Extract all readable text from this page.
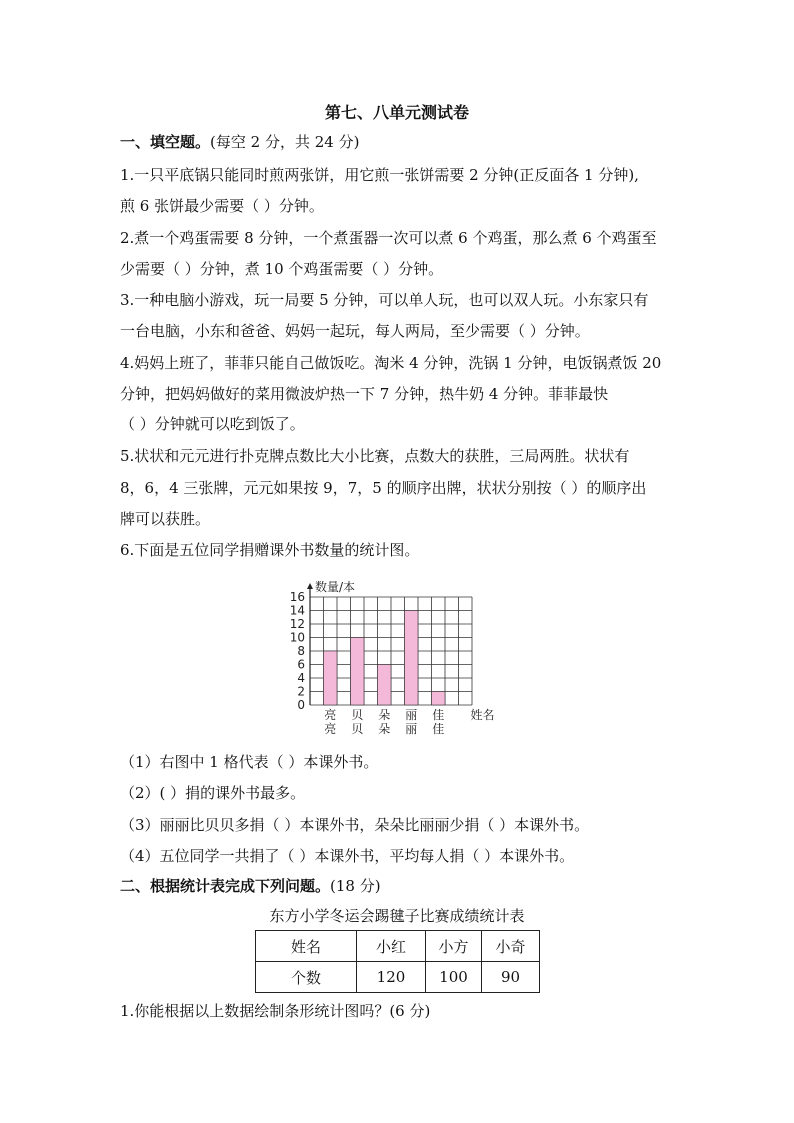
第七、八单元测试卷
一、填空题。(每空 2 分，共 24 分)
1.一只平底锅只能同时煎两张饼，用它煎一张饼需要 2 分钟(正反面各 1 分钟),
煎 6 张饼最少需要（ ）分钟。
2.煮一个鸡蛋需要 8 分钟，一个煮蛋器一次可以煮 6 个鸡蛋，那么煮 6 个鸡蛋至
少需要（ ）分钟，煮 10 个鸡蛋需要（ ）分钟。
3.一种电脑小游戏，玩一局要 5 分钟，可以单人玩，也可以双人玩。小东家只有
一台电脑，小东和爸爸、妈妈一起玩，每人两局，至少需要（ ）分钟。
4.妈妈上班了，菲菲只能自己做饭吃。淘米 4 分钟，洗锅 1 分钟，电饭锅煮饭 20
分钟，把妈妈做好的菜用微波炉热一下 7 分钟，热牛奶 4 分钟。菲菲最快
（ ）分钟就可以吃到饭了。
5.状状和元元进行扑克牌点数比大小比赛，点数大的获胜，三局两胜。状状有
8，6，4 三张牌，元元如果按 9，7，5 的顺序出牌，状状分别按（ ）的顺序出
牌可以获胜。
6.下面是五位同学捐赠课外书数量的统计图。
亮
亮
贝
贝
朵
朵
丽
丽
佳
佳
0
2
4
6
8
10
12
14
16
数量/本
姓名
（1）右图中 1 格代表（ ）本课外书。
（2）( ）捐的课外书最多。
（3）丽丽比贝贝多捐（ ）本课外书，朵朵比丽丽少捐（ ）本课外书。
（4）五位同学一共捐了（ ）本课外书，平均每人捐（ ）本课外书。
二、根据统计表完成下列问题。(18 分)
东方小学冬运会踢毽子比赛成绩统计表
姓名	小红	小方	小奇
个数	120	100	90
1.你能根据以上数据绘制条形统计图吗？(6 分)
